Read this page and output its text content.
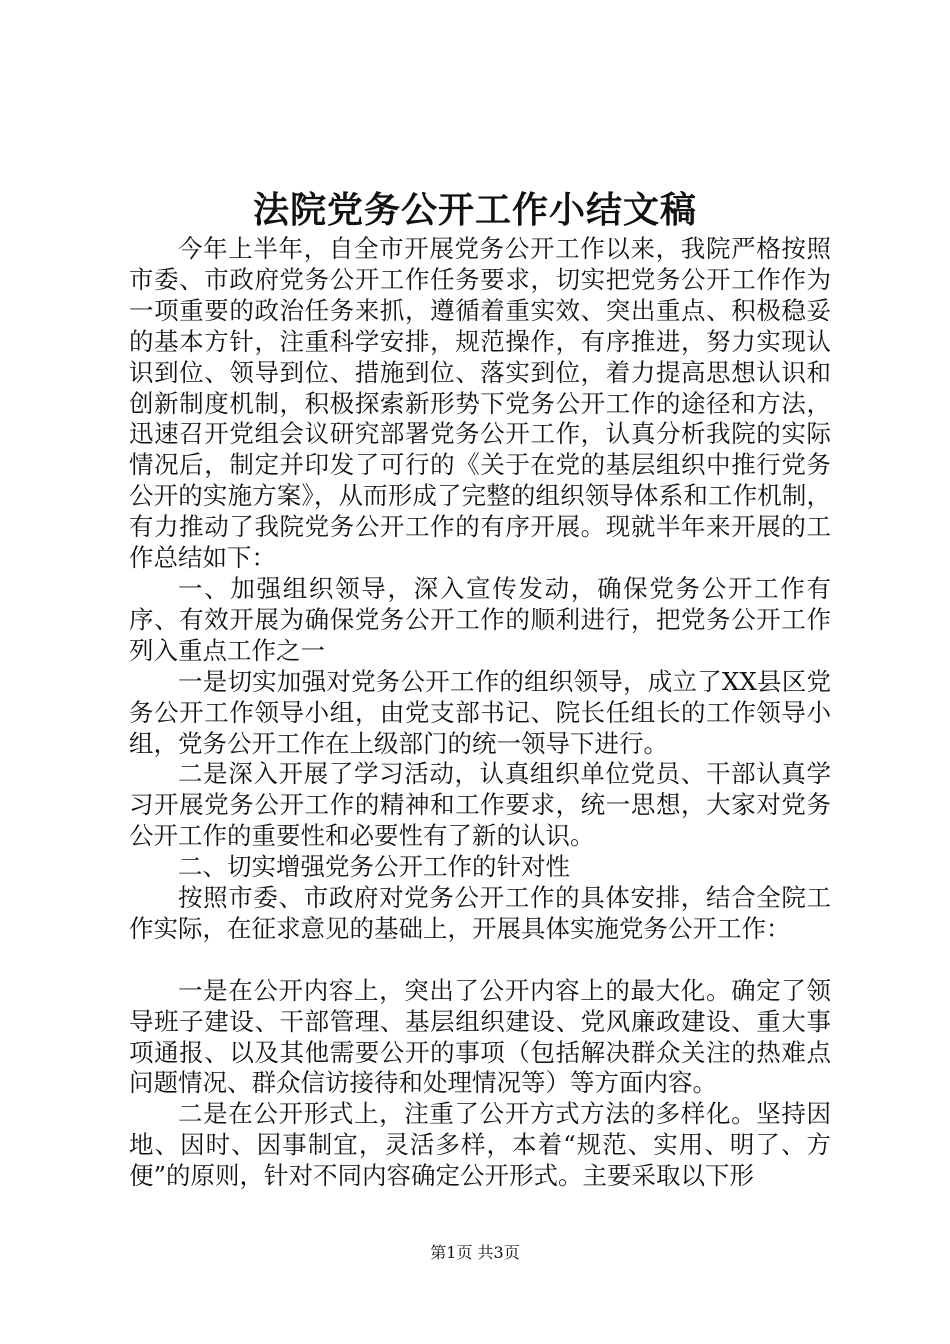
法院党务公开工作小结文稿

今年上半年，自全市开展党务公开工作以来，我院严格按照市委、市政府党务公开工作任务要求，切实把党务公开工作作为一项重要的政治任务来抓，遵循着重实效、突出重点、积极稳妥的基本方针，注重科学安排，规范操作，有序推进，努力实现认识到位、领导到位、措施到位、落实到位，着力提高思想认识和创新制度机制，积极探索新形势下党务公开工作的途径和方法，迅速召开党组会议研究部署党务公开工作，认真分析我院的实际情况后，制定并印发了可行的《关于在党的基层组织中推行党务公开的实施方案》，从而形成了完整的组织领导体系和工作机制，有力推动了我院党务公开工作的有序开展。现就半年来开展的工作总结如下：

一、加强组织领导，深入宣传发动，确保党务公开工作有序、有效开展为确保党务公开工作的顺利进行，把党务公开工作列入重点工作之一

一是切实加强对党务公开工作的组织领导，成立了XX县区党务公开工作领导小组，由党支部书记、院长任组长的工作领导小组，党务公开工作在上级部门的统一领导下进行。

二是深入开展了学习活动，认真组织单位党员、干部认真学习开展党务公开工作的精神和工作要求，统一思想，大家对党务公开工作的重要性和必要性有了新的认识。

二、切实增强党务公开工作的针对性

按照市委、市政府对党务公开工作的具体安排，结合全院工作实际，在征求意见的基础上，开展具体实施党务公开工作：

一是在公开内容上，突出了公开内容上的最大化。确定了领导班子建设、干部管理、基层组织建设、党风廉政建设、重大事项通报、以及其他需要公开的事项（包括解决群众关注的热难点问题情况、群众信访接待和处理情况等）等方面内容。

二是在公开形式上，注重了公开方式方法的多样化。坚持因地、因时、因事制宜，灵活多样，本着“规范、实用、明了、方便”的原则，针对不同内容确定公开形式。主要采取以下形

第1页 共3页
